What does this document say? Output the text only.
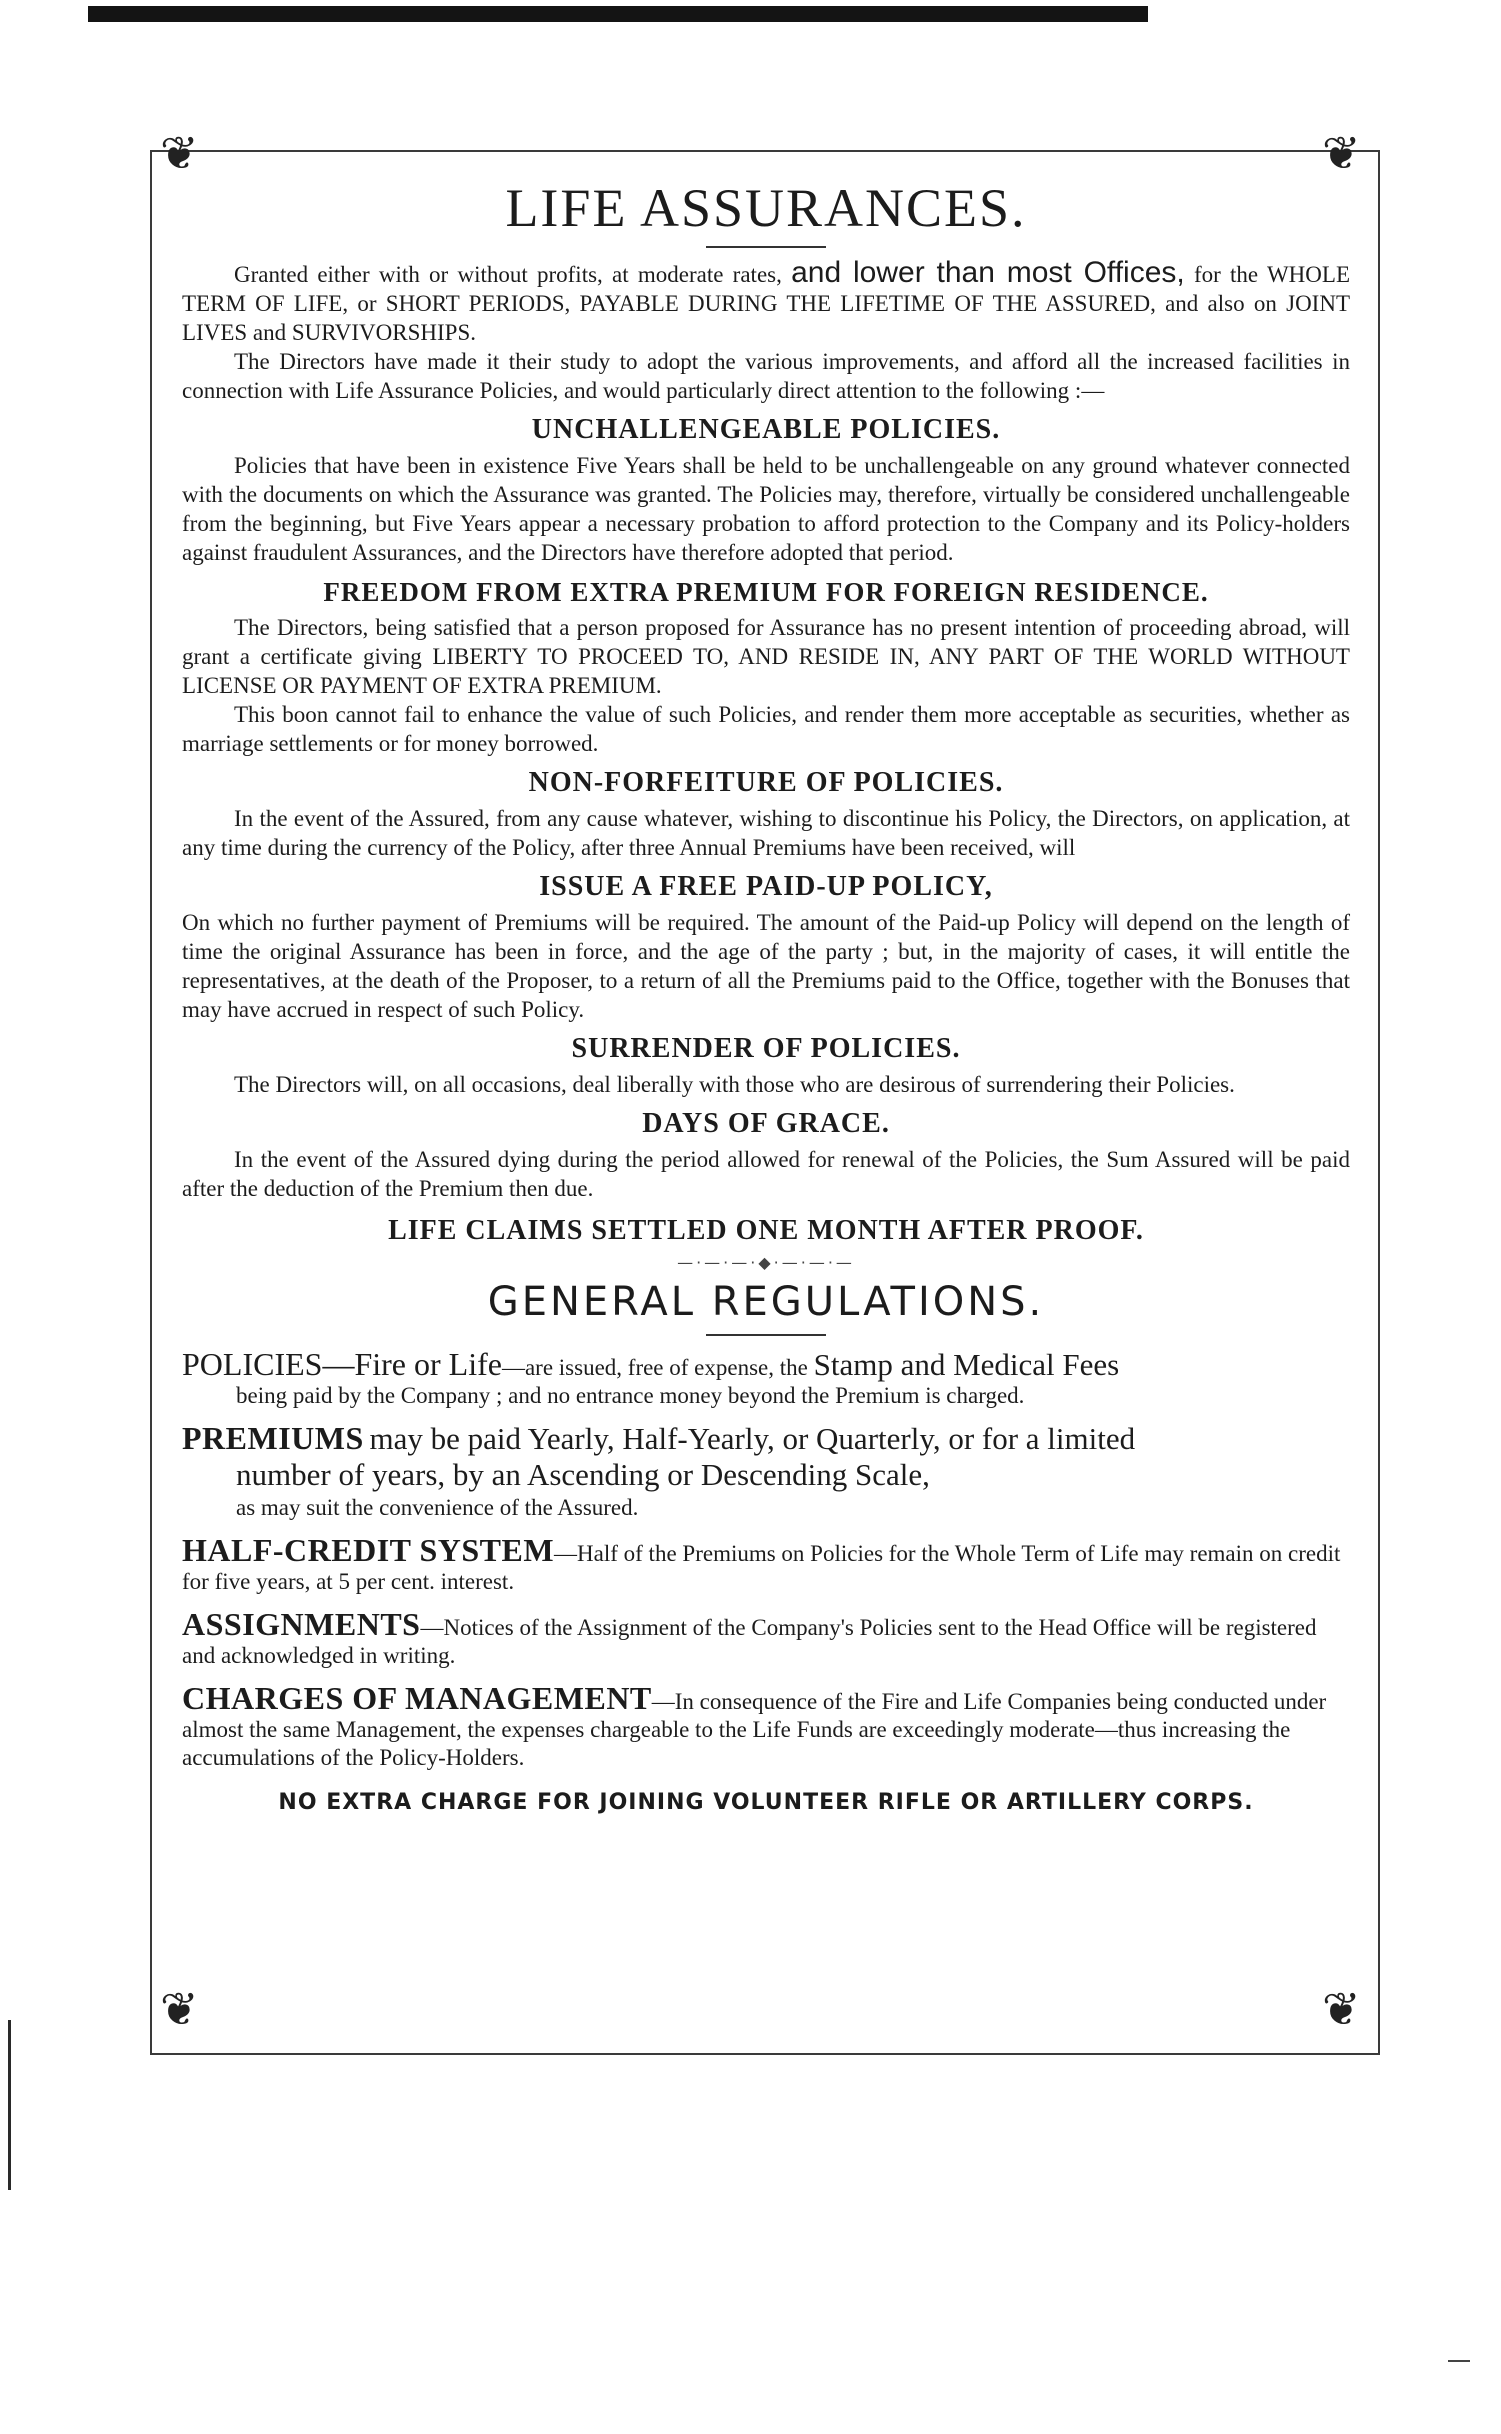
❦	❦
❦	❦
LIFE ASSURANCES.

Granted either with or without profits, at moderate rates, and lower than most Offices, for the WHOLE TERM OF LIFE, or SHORT PERIODS, PAYABLE DURING THE LIFETIME OF THE ASSURED, and also on JOINT LIVES and SURVIVORSHIPS.

The Directors have made it their study to adopt the various improvements, and afford all the increased facilities in connection with Life Assurance Policies, and would particularly direct attention to the following :—

UNCHALLENGEABLE POLICIES.

Policies that have been in existence Five Years shall be held to be unchallengeable on any ground whatever connected with the documents on which the Assurance was granted. The Policies may, therefore, virtually be considered unchallengeable from the beginning, but Five Years appear a necessary probation to afford protection to the Company and its Policy-holders against fraudulent Assurances, and the Directors have therefore adopted that period.

FREEDOM FROM EXTRA PREMIUM FOR FOREIGN RESIDENCE.

The Directors, being satisfied that a person proposed for Assurance has no present intention of proceeding abroad, will grant a certificate giving LIBERTY TO PROCEED TO, AND RESIDE IN, ANY PART OF THE WORLD WITHOUT LICENSE OR PAYMENT OF EXTRA PREMIUM.

This boon cannot fail to enhance the value of such Policies, and render them more acceptable as securities, whether as marriage settlements or for money borrowed.

NON-FORFEITURE OF POLICIES.

In the event of the Assured, from any cause whatever, wishing to discontinue his Policy, the Directors, on application, at any time during the currency of the Policy, after three Annual Premiums have been received, will

ISSUE A FREE PAID-UP POLICY,

On which no further payment of Premiums will be required. The amount of the Paid-up Policy will depend on the length of time the original Assurance has been in force, and the age of the party ; but, in the majority of cases, it will entitle the representatives, at the death of the Proposer, to a return of all the Premiums paid to the Office, together with the Bonuses that may have accrued in respect of such Policy.

SURRENDER OF POLICIES.

The Directors will, on all occasions, deal liberally with those who are desirous of surrendering their Policies.

DAYS OF GRACE.

In the event of the Assured dying during the period allowed for renewal of the Policies, the Sum Assured will be paid after the deduction of the Premium then due.

LIFE CLAIMS SETTLED ONE MONTH AFTER PROOF.
—·—·—·◆·—·—·—
GENERAL REGULATIONS.
POLICIES—Fire or Life—are issued, free of expense, the Stamp and Medical Fees
being paid by the Company ; and no entrance money beyond the Premium is charged.
PREMIUMS may be paid Yearly, Half-Yearly, or Quarterly, or for a limited
number of years, by an Ascending or Descending Scale,
as may suit the convenience of the Assured.
HALF-CREDIT SYSTEM—Half of the Premiums on Policies for the Whole Term of Life may remain on credit for five years, at 5 per cent. interest.
ASSIGNMENTS—Notices of the Assignment of the Company's Policies sent to the Head Office will be registered and acknowledged in writing.
CHARGES OF MANAGEMENT—In consequence of the Fire and Life Companies being conducted under almost the same Management, the expenses chargeable to the Life Funds are exceedingly moderate—thus increasing the accumulations of the Policy-Holders.
NO EXTRA CHARGE FOR JOINING VOLUNTEER RIFLE OR ARTILLERY CORPS.
